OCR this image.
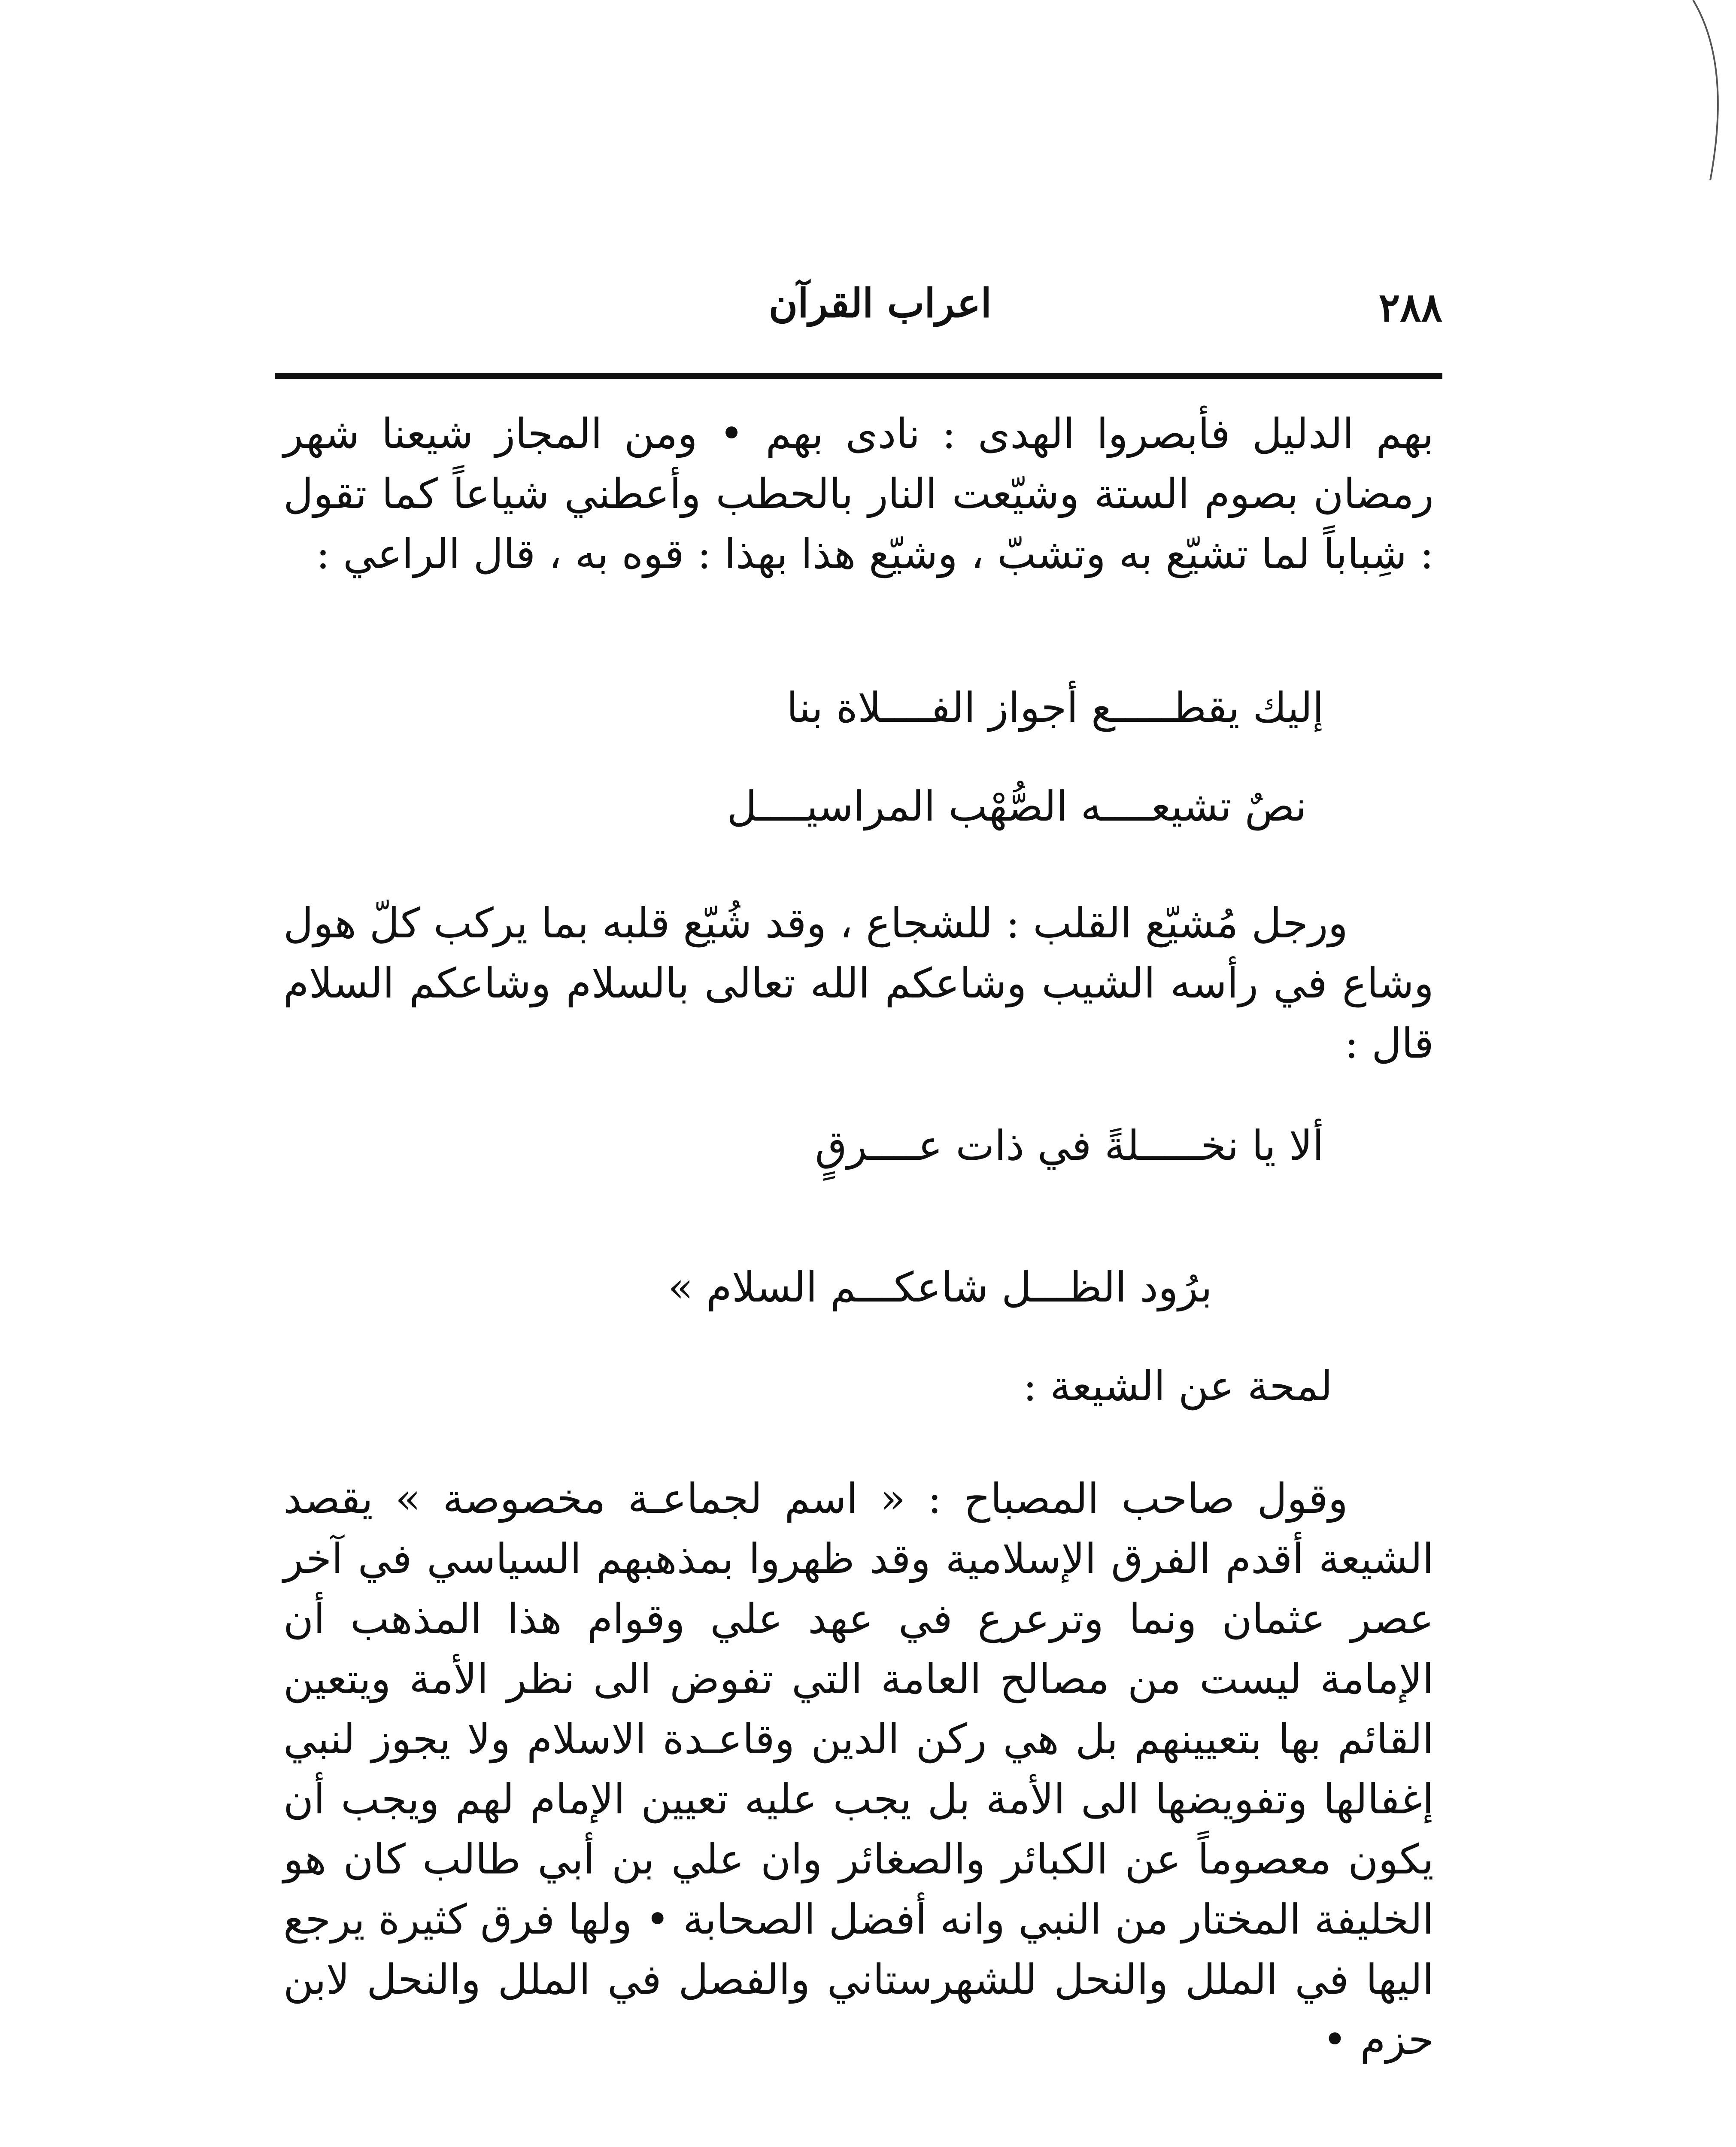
٢٨٨
اعراب القرآن

بهم الدليل فأبصروا الهدى : نادى بهم • ومن المجاز شيعنا شهر رمضان بصوم الستة وشيّعت النار بالحطب وأعطني شياعاً كما تقول : شِباباً لما تشيّع به وتشبّ ، وشيّع هذا بهذا : قوه به ، قال الراعي :

إليك يقطـــــع أجواز الفــــلاة بنا

نصٌ تشيعــــه الصُّهْب المراسيــــل

ورجل مُشيّع القلب : للشجاع ، وقد شُيّع قلبه بما يركب كلّ هول وشاع في رأسه الشيب وشاعكم الله تعالى بالسلام وشاعكم السلام قال :

ألا يا نخـــــلةً في ذات عــــرقٍ

برُود الظـــل شاعكـــم السلام »

لمحة عن الشيعة :

وقول صاحب المصباح : « اسم لجماعـة مخصوصة » يقصد الشيعة أقدم الفرق الإسلامية وقد ظهروا بمذهبهم السياسي في آخر عصر عثمان ونما وترعرع في عهد علي وقوام هذا المذهب أن الإمامة ليست من مصالح العامة التي تفوض الى نظر الأمة ويتعين القائم بها بتعيينهم بل هي ركن الدين وقاعـدة الاسلام ولا يجوز لنبي إغفالها وتفويضها الى الأمة بل يجب عليه تعيين الإمام لهم ويجب أن يكون معصوماً عن الكبائر والصغائر وان علي بن أبي طالب كان هو الخليفة المختار من النبي وانه أفضل الصحابة • ولها فرق كثيرة يرجع اليها في الملل والنحل للشهرستاني والفصل في الملل والنحل لابن حزم •
